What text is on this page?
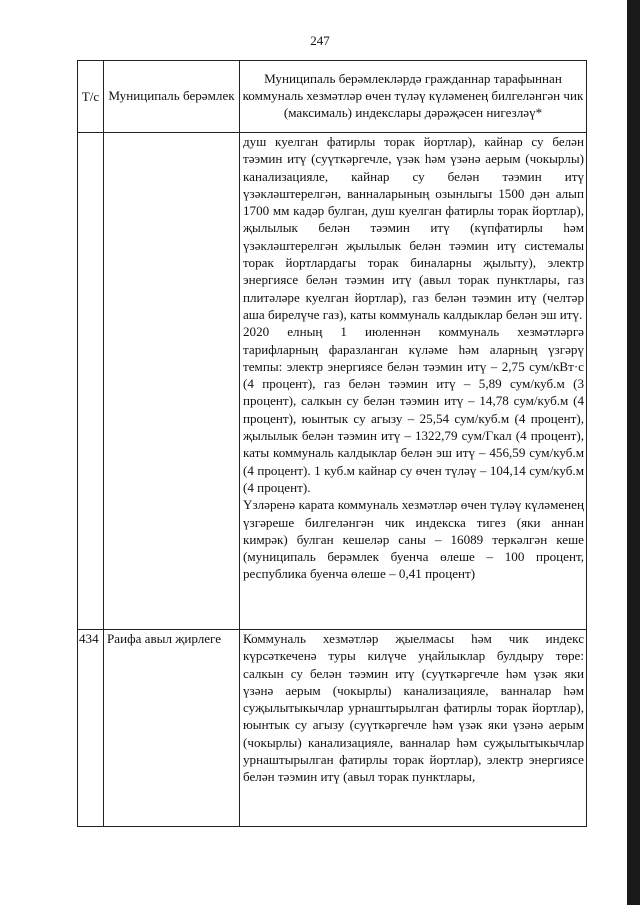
247
Т/с	Муниципаль берәмлек	Муниципаль берәмлекләрдә гражданнар тарафыннан коммуналь хезмәтләр өчен түләү күләменең билгеләнгән чик (максималь) индекслары дәрәҗәсен нигезләү*

		душ куелган фатирлы торак йортлар), кайнар су белән тәэмин итү (суүткәргечле, үзәк һәм үзәнә аерым (чокырлы) канализацияле, кайнар су белән тәэмин итү үзәкләштерелгән, ванналарының озынлыгы 1500 дән алып 1700 мм кадәр булган, душ куелган фатирлы торак йортлар), җылылык белән тәэмин итү (күпфатирлы һәм үзәкләштерелгән җылылык белән тәэмин итү системалы торак йортлардагы торак биналарны җылыту), электр энергиясе белән тәэмин итү (авыл торак пунктлары, газ плитәләре куелган йортлар), газ белән тәэмин итү (челтәр аша бирелүче газ), каты коммуналь калдыклар белән эш итү.

2020 елның 1 июленнән коммуналь хезмәтләргә тарифларның фаразланган күләме һәм аларның үзгәрү темпы: электр энергиясе белән тәэмин итү – 2,75 сум/кВт·с (4 процент), газ белән тәэмин итү – 5,89 сум/куб.м (3 процент), салкын су белән тәэмин итү – 14,78 сум/куб.м (4 процент), юынтык су агызу – 25,54 сум/куб.м (4 процент), җылылык белән тәэмин итү – 1322,79 сум/Гкал (4 процент), каты коммуналь калдыклар белән эш итү – 456,59 сум/куб.м (4 процент). 1 куб.м кайнар су өчен түләү – 104,14 сум/куб.м (4 процент).

Үзләренә карата коммуналь хезмәтләр өчен түләү күләменең үзгәреше билгеләнгән чик индекска тигез (яки аннан кимрәк) булган кешеләр саны – 16089 теркәлгән кеше (муниципаль берәмлек буенча өлеше – 100 процент, республика буенча өлеше – 0,41 процент)

434	Раифа авыл җирлеге	Коммуналь хезмәтләр җыелмасы һәм чик индекс күрсәткеченә туры килүче уңайлыклар булдыру төре: салкын су белән тәэмин итү (суүткәргечле һәм үзәк яки үзәнә аерым (чокырлы) канализацияле, ванналар һәм суҗылытыкычлар урнаштырылган фатирлы торак йортлар), юынтык су агызу (суүткәргечле һәм үзәк яки үзәнә аерым (чокырлы) канализацияле, ванналар һәм суҗылытыкычлар урнаштырылган фатирлы торак йортлар), электр энергиясе белән тәэмин итү (авыл торак пунктлары,
